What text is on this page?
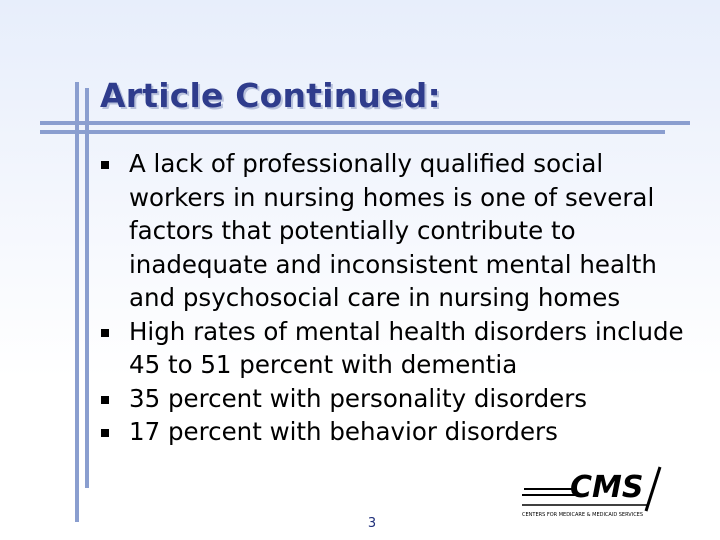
Article Continued:
A lack of professionally qualified social workers in nursing homes is one of several factors that potentially contribute to inadequate and inconsistent mental health and psychosocial care in nursing homes
High rates of mental health disorders include 45 to 51 percent with dementia
35 percent with personality disorders
17 percent with behavior disorders
CMS
CENTERS FOR MEDICARE & MEDICAID SERVICES
3
